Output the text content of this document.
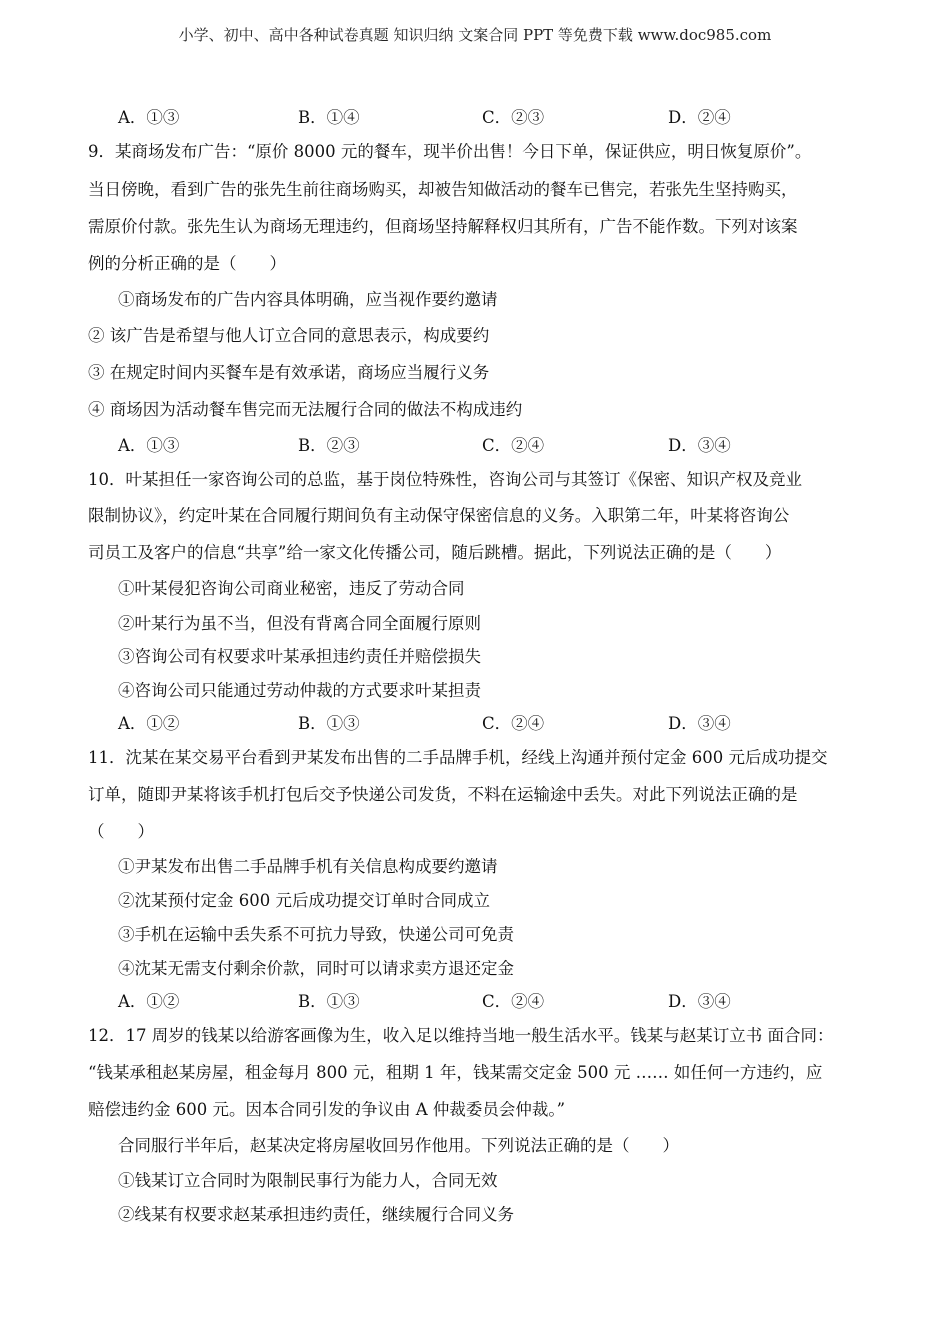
小学、初中、高中各种试卷真题 知识归纳 文案合同 PPT 等免费下载 www.doc985.com
A．①③	B．①④	C．②③	D．②④
9．某商场发布广告：“原价 8000 元的餐车，现半价出售！今日下单，保证供应，明日恢复原价”。
当日傍晚，看到广告的张先生前往商场购买，却被告知做活动的餐车已售完，若张先生坚持购买，
需原价付款。张先生认为商场无理违约，但商场坚持解释权归其所有，广告不能作数。下列对该案
例的分析正确的是（　　）
①商场发布的广告内容具体明确，应当视作要约邀请
② 该广告是希望与他人订立合同的意思表示，构成要约
③ 在规定时间内买餐车是有效承诺，商场应当履行义务
④ 商场因为活动餐车售完而无法履行合同的做法不构成违约
A．①③	B．②③	C．②④	D．③④
10．叶某担任一家咨询公司的总监，基于岗位特殊性，咨询公司与其签订《保密、知识产权及竞业
限制协议》，约定叶某在合同履行期间负有主动保守保密信息的义务。入职第二年，叶某将咨询公
司员工及客户的信息“共享”给一家文化传播公司，随后跳槽。据此，下列说法正确的是（　　）
①叶某侵犯咨询公司商业秘密，违反了劳动合同
②叶某行为虽不当，但没有背离合同全面履行原则
③咨询公司有权要求叶某承担违约责任并赔偿损失
④咨询公司只能通过劳动仲裁的方式要求叶某担责
A．①②	B．①③	C．②④	D．③④
11．沈某在某交易平台看到尹某发布出售的二手品牌手机，经线上沟通并预付定金 600 元后成功提交
订单，随即尹某将该手机打包后交予快递公司发货，不料在运输途中丢失。对此下列说法正确的是
（　　）
①尹某发布出售二手品牌手机有关信息构成要约邀请
②沈某预付定金 600 元后成功提交订单时合同成立
③手机在运输中丢失系不可抗力导致，快递公司可免责
④沈某无需支付剩余价款，同时可以请求卖方退还定金
A．①②	B．①③	C．②④	D．③④
12．17 周岁的钱某以给游客画像为生，收入足以维持当地一般生活水平。钱某与赵某订立书 面合同：
“钱某承租赵某房屋，租金每月 800 元，租期 1 年，钱某需交定金 500 元 …… 如任何一方违约，应
赔偿违约金 600 元。因本合同引发的争议由 A 仲裁委员会仲裁。”
合同服行半年后，赵某决定将房屋收回另作他用。下列说法正确的是（　　）
①钱某订立合同时为限制民事行为能力人，合同无效
②线某有权要求赵某承担违约责任，继续履行合同义务
